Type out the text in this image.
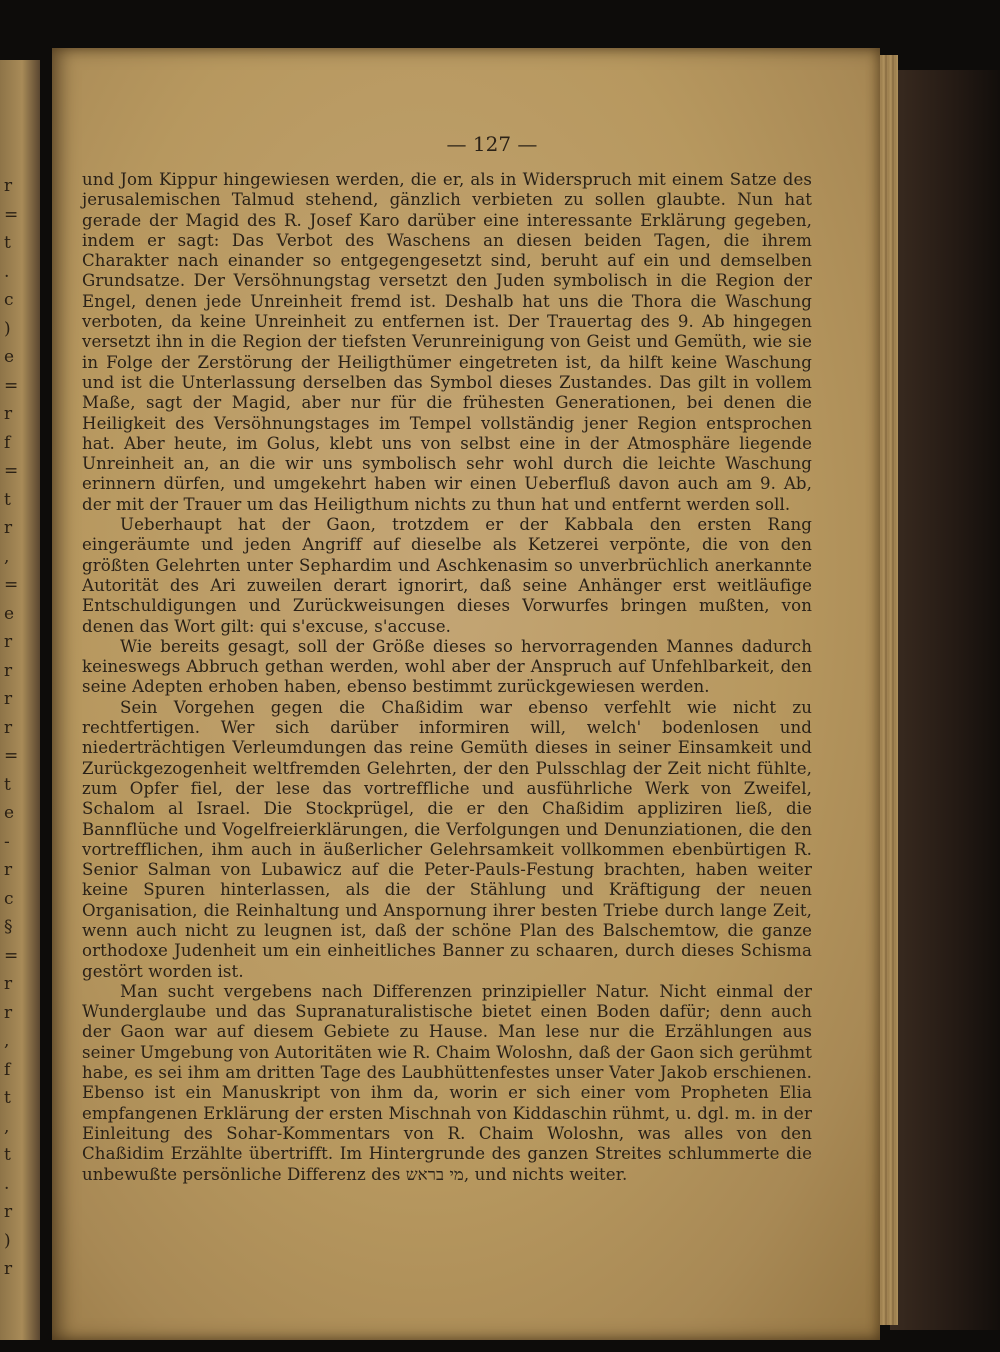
r
=
t
.
c
)
e
=
r
f
=
t
r
,
=
e
r
r
r
r
=
t
e
-
r
c
§
=
r
r
,
f
t
,
t
.
r
)
r
— 127 —

und Jom Kippur hingewiesen werden, die er, als in Widerspruch mit einem Satze des jerusalemischen Talmud stehend, gänzlich verbieten zu sollen glaubte. Nun hat gerade der Magid des R. Josef Karo darüber eine interessante Erklärung gegeben, indem er sagt: Das Verbot des Waschens an diesen beiden Tagen, die ihrem Charakter nach einander so entgegengesetzt sind, beruht auf ein und demselben Grundsatze. Der Versöhnungstag versetzt den Juden symbolisch in die Region der Engel, denen jede Unreinheit fremd ist. Deshalb hat uns die Thora die Waschung verboten, da keine Unreinheit zu entfernen ist. Der Trauertag des 9. Ab hingegen versetzt ihn in die Region der tiefsten Verunreinigung von Geist und Gemüth, wie sie in Folge der Zerstörung der Heiligthümer eingetreten ist, da hilft keine Waschung und ist die Unterlassung derselben das Symbol dieses Zustandes. Das gilt in vollem Maße, sagt der Magid, aber nur für die frühesten Generationen, bei denen die Heiligkeit des Versöhnungstages im Tempel vollständig jener Region entsprochen hat. Aber heute, im Golus, klebt uns von selbst eine in der Atmosphäre liegende Unreinheit an, an die wir uns symbolisch sehr wohl durch die leichte Waschung erinnern dürfen, und umgekehrt haben wir einen Ueberfluß davon auch am 9. Ab, der mit der Trauer um das Heiligthum nichts zu thun hat und entfernt werden soll.

Ueberhaupt hat der Gaon, trotzdem er der Kabbala den ersten Rang eingeräumte und jeden Angriff auf dieselbe als Ketzerei verpönte, die von den größten Gelehrten unter Sephardim und Aschkenasim so unverbrüchlich anerkannte Autorität des Ari zuweilen derart ignorirt, daß seine Anhänger erst weitläufige Entschuldigungen und Zurückweisungen dieses Vorwurfes bringen mußten, von denen das Wort gilt: qui s'excuse, s'accuse.

Wie bereits gesagt, soll der Größe dieses so hervorragenden Mannes dadurch keineswegs Abbruch gethan werden, wohl aber der Anspruch auf Unfehlbarkeit, den seine Adepten erhoben haben, ebenso bestimmt zurückgewiesen werden.

Sein Vorgehen gegen die Chaßidim war ebenso verfehlt wie nicht zu rechtfertigen. Wer sich darüber informiren will, welch' bodenlosen und niederträchtigen Verleumdungen das reine Gemüth dieses in seiner Einsamkeit und Zurückgezogenheit weltfremden Gelehrten, der den Pulsschlag der Zeit nicht fühlte, zum Opfer fiel, der lese das vortreffliche und ausführliche Werk von Zweifel, Schalom al Israel. Die Stockprügel, die er den Chaßidim appliziren ließ, die Bannflüche und Vogelfreierklärungen, die Verfolgungen und Denunziationen, die den vortrefflichen, ihm auch in äußerlicher Gelehrsamkeit vollkommen ebenbürtigen R. Senior Salman von Lubawicz auf die Peter-Pauls-Festung brachten, haben weiter keine Spuren hinterlassen, als die der Stählung und Kräftigung der neuen Organisation, die Reinhaltung und Anspornung ihrer besten Triebe durch lange Zeit, wenn auch nicht zu leugnen ist, daß der schöne Plan des Balschemtow, die ganze orthodoxe Judenheit um ein einheitliches Banner zu schaaren, durch dieses Schisma gestört worden ist.

Man sucht vergebens nach Differenzen prinzipieller Natur. Nicht einmal der Wunderglaube und das Supranaturalistische bietet einen Boden dafür; denn auch der Gaon war auf diesem Gebiete zu Hause. Man lese nur die Erzählungen aus seiner Umgebung von Autoritäten wie R. Chaim Woloshn, daß der Gaon sich gerühmt habe, es sei ihm am dritten Tage des Laubhüttenfestes unser Vater Jakob erschienen. Ebenso ist ein Manuskript von ihm da, worin er sich einer vom Propheten Elia empfangenen Erklärung der ersten Mischnah von Kiddaschin rühmt, u. dgl. m. in der Einleitung des Sohar-Kommentars von R. Chaim Woloshn, was alles von den Chaßidim Erzählte übertrifft. Im Hintergrunde des ganzen Streites schlummerte die unbewußte persönliche Differenz des מי בראש, und nichts weiter.
